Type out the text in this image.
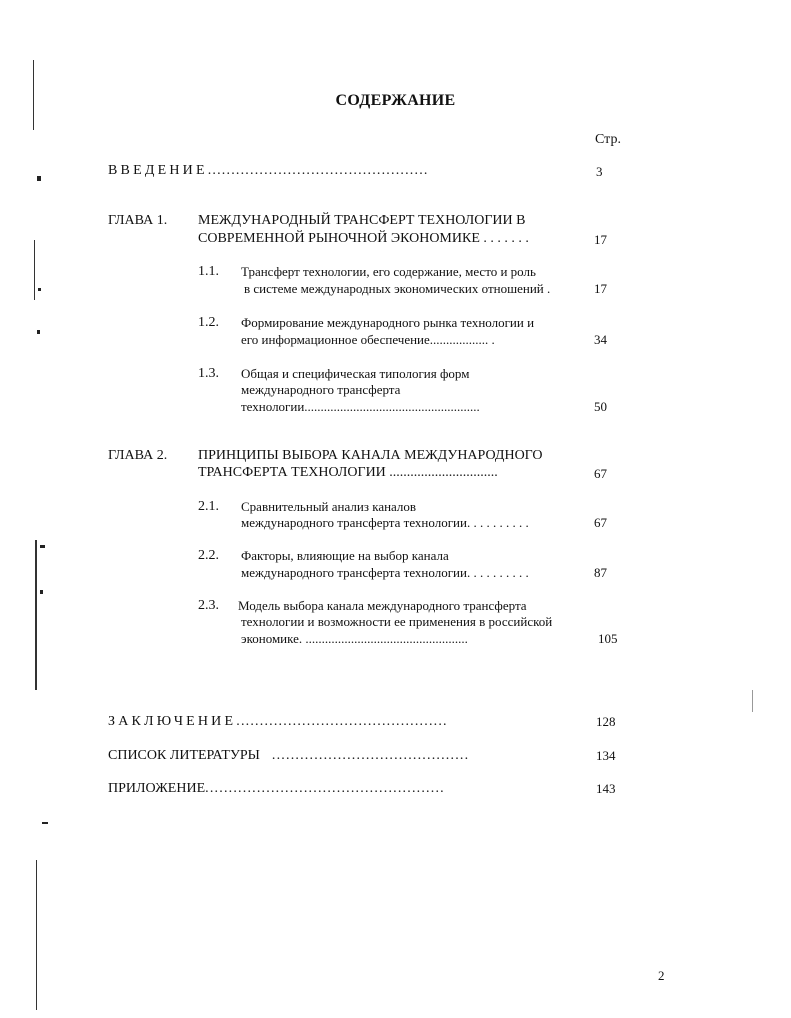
СОДЕРЖАНИЕ
Стр.
ВВЕДЕНИЕ...............................................	3
ГЛАВА 1. МЕЖДУНАРОДНЫЙ ТРАНСФЕРТ ТЕХНОЛОГИИ В
СОВРЕМЕННОЙ РЫНОЧНОЙ ЭКОНОМИКЕ . . . . . . .	17
1.1. Трансферт технологии, его содержание, место и роль
в системе международных экономических отношений .	17
1.2. Формирование международного рынка технологии и
его информационное обеспечение.................. .	34
1.3. Общая и специфическая типология форм
международного трансферта
технологии......................................................	50
ГЛАВА 2. ПРИНЦИПЫ ВЫБОРА КАНАЛА МЕЖДУНАРОДНОГО
ТРАНСФЕРТА ТЕХНОЛОГИИ ...............................	67
2.1. Сравнительный анализ каналов
международного трансферта технологии. . . . . . . . . .	67
2.2. Факторы, влияющие на выбор канала
международного трансферта технологии. . . . . . . . . .	87
2.3. Модель выбора канала международного трансферта
технологии и возможности ее применения в российской
экономике. ..................................................	105
ЗАКЛЮЧЕНИЕ.............................................	128
СПИСОК ЛИТЕРАТУРЫ ..........................................	134
ПРИЛОЖЕНИЕ...................................................	143
2
